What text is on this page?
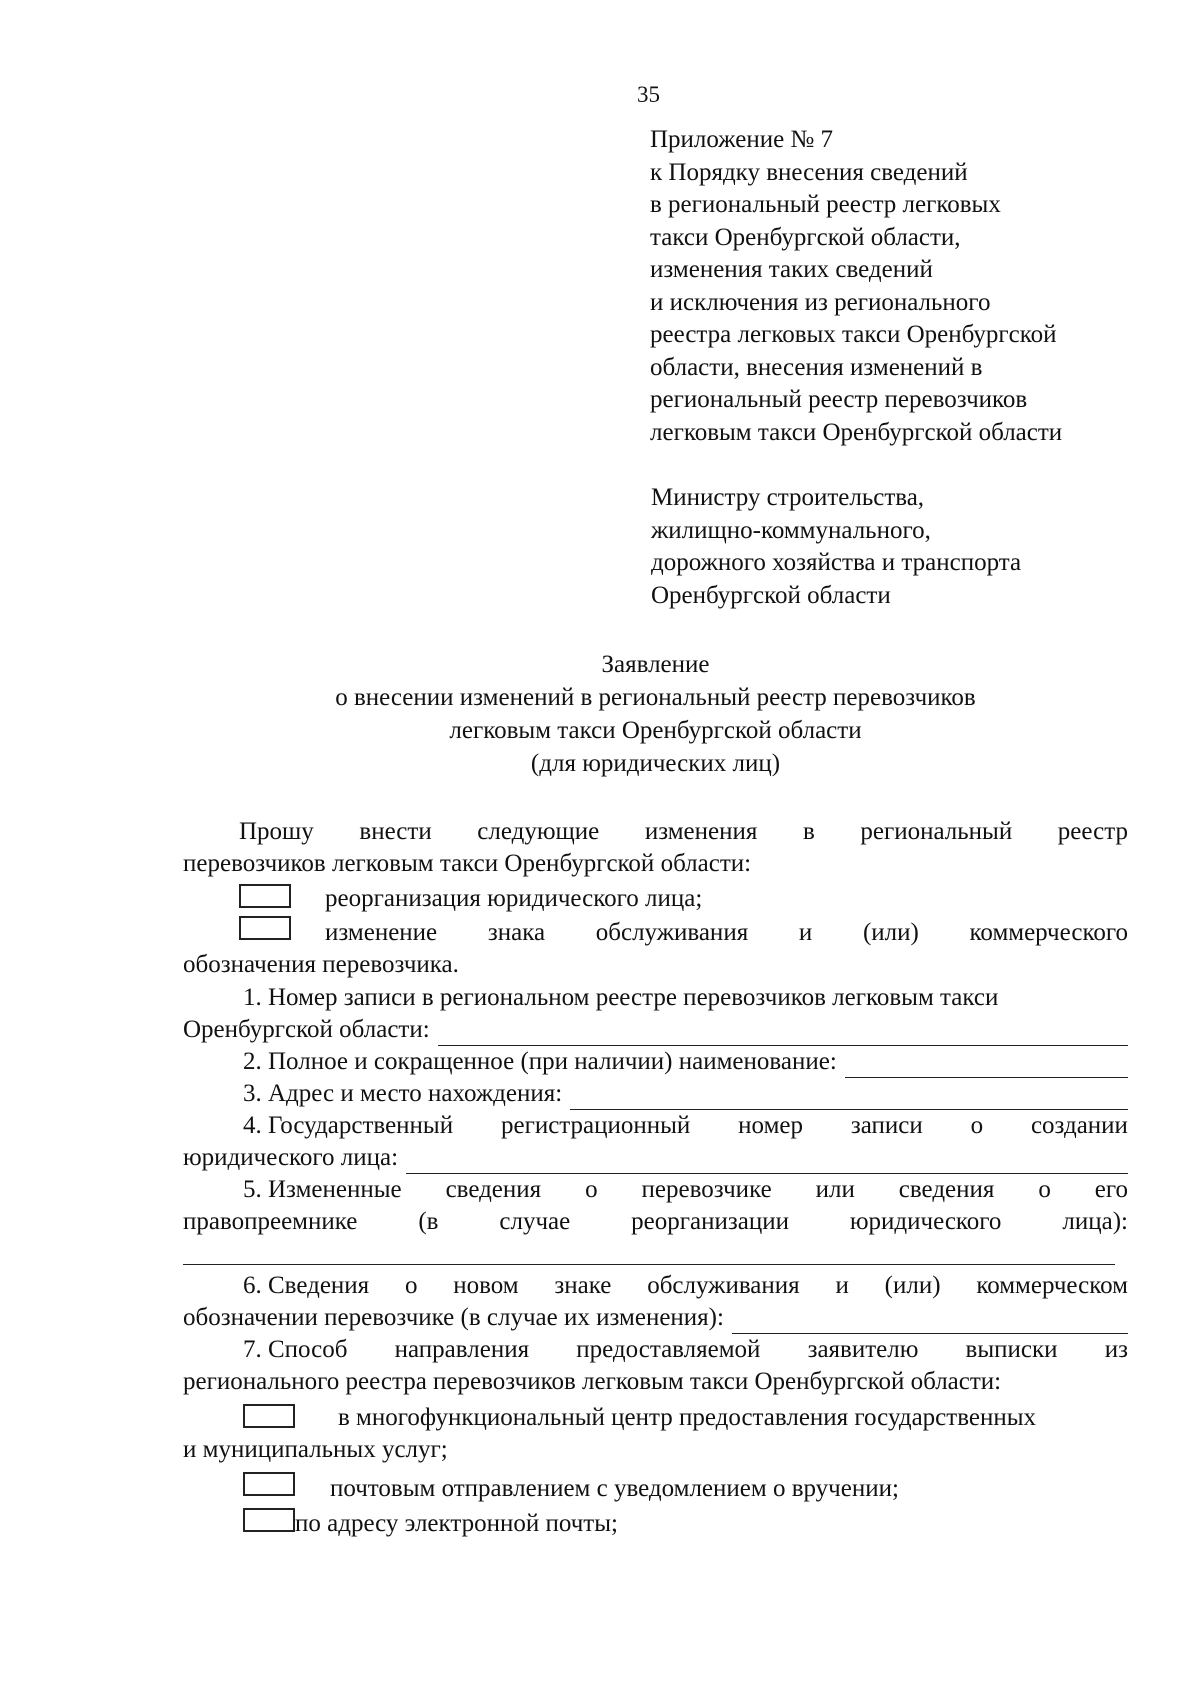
35
Приложение № 7
к Порядку внесения сведений
в региональный реестр легковых
такси Оренбургской области,
изменения таких сведений
и исключения из регионального
реестра легковых такси Оренбургской
области, внесения изменений в
региональный реестр перевозчиков
легковым такси Оренбургской области
Министру строительства,
жилищно-коммунального,
дорожного хозяйства и транспорта
Оренбургской области
Заявление
о внесении изменений в региональный реестр перевозчиков
легковым такси Оренбургской области
(для юридических лиц)
Прошу внести следующие изменения в региональный реестр
перевозчиков легковым такси Оренбургской области:
реорганизация юридического лица;
изменение знака обслуживания и (или) коммерческого
обозначения перевозчика.
1. Номер записи в региональном реестре перевозчиков легковым такси
Оренбургской области:
2. Полное и сокращенное (при наличии) наименование:
3. Адрес и место нахождения:
4. Государственный регистрационный номер записи о создании
юридического лица:
5. Измененные сведения о перевозчике или сведения о его
правопреемнике (в случае реорганизации юридического лица):
6. Сведения о новом знаке обслуживания и (или) коммерческом
обозначении перевозчике (в случае их изменения):
7. Способ направления предоставляемой заявителю выписки из
регионального реестра перевозчиков легковым такси Оренбургской области:
в многофункциональный центр предоставления государственных
и муниципальных услуг;
почтовым отправлением с уведомлением о вручении;
по адресу электронной почты;
